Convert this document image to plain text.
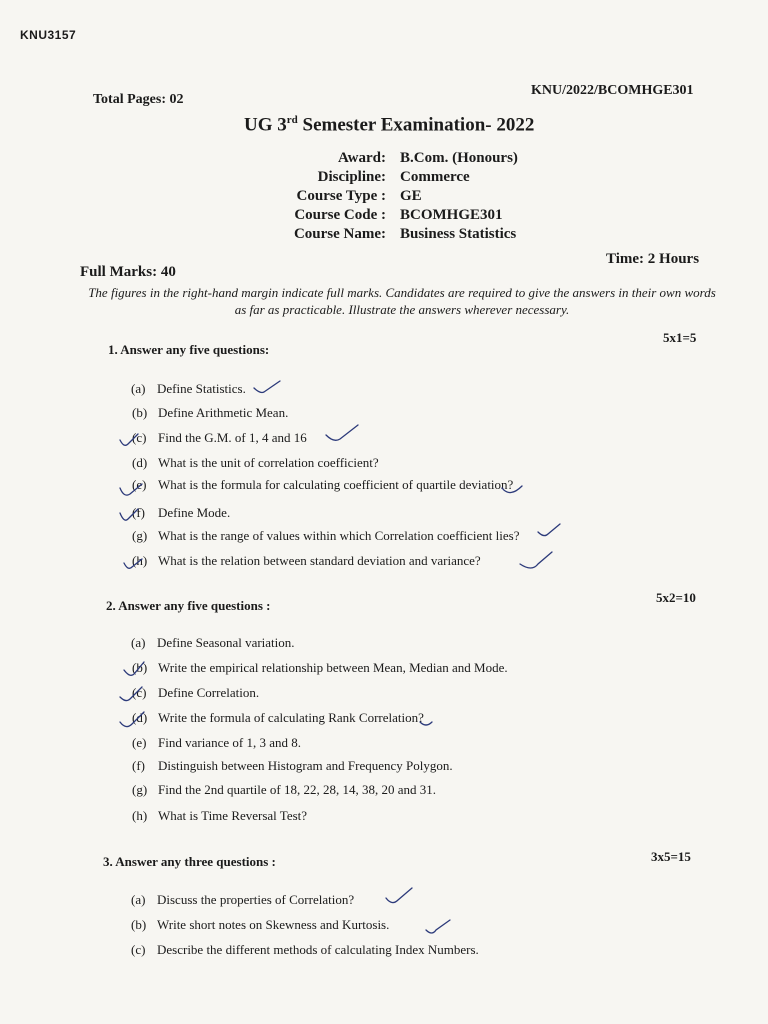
KNU3157
Total Pages: 02
KNU/2022/BCOMHGE301
UG 3rd Semester Examination- 2022
Award: B.Com. (Honours)
Discipline: Commerce
Course Type : GE
Course Code : BCOMHGE301
Course Name: Business Statistics
Full Marks: 40
Time: 2 Hours
The figures in the right-hand margin indicate full marks. Candidates are required to give the answers in their own words as far as practicable. Illustrate the answers wherever necessary.
1. Answer any five questions:
5x1=5
(a) Define Statistics.
(b) Define Arithmetic Mean.
(c) Find the G.M. of 1, 4 and 16
(d) What is the unit of correlation coefficient?
(e) What is the formula for calculating coefficient of quartile deviation?
(f) Define Mode.
(g) What is the range of values within which Correlation coefficient lies?
(h) What is the relation between standard deviation and variance?
2. Answer any five questions :
5x2=10
(a) Define Seasonal variation.
(b) Write the empirical relationship between Mean, Median and Mode.
(c) Define Correlation.
(d) Write the formula of calculating Rank Correlation?
(e) Find variance of 1, 3 and 8.
(f) Distinguish between Histogram and Frequency Polygon.
(g) Find the 2nd quartile of 18, 22, 28, 14, 38, 20 and 31.
(h) What is Time Reversal Test?
3. Answer any three questions :	3x5=15
(a) Discuss the properties of Correlation?
(b) Write short notes on Skewness and Kurtosis.
(c) Describe the different methods of calculating Index Numbers.
